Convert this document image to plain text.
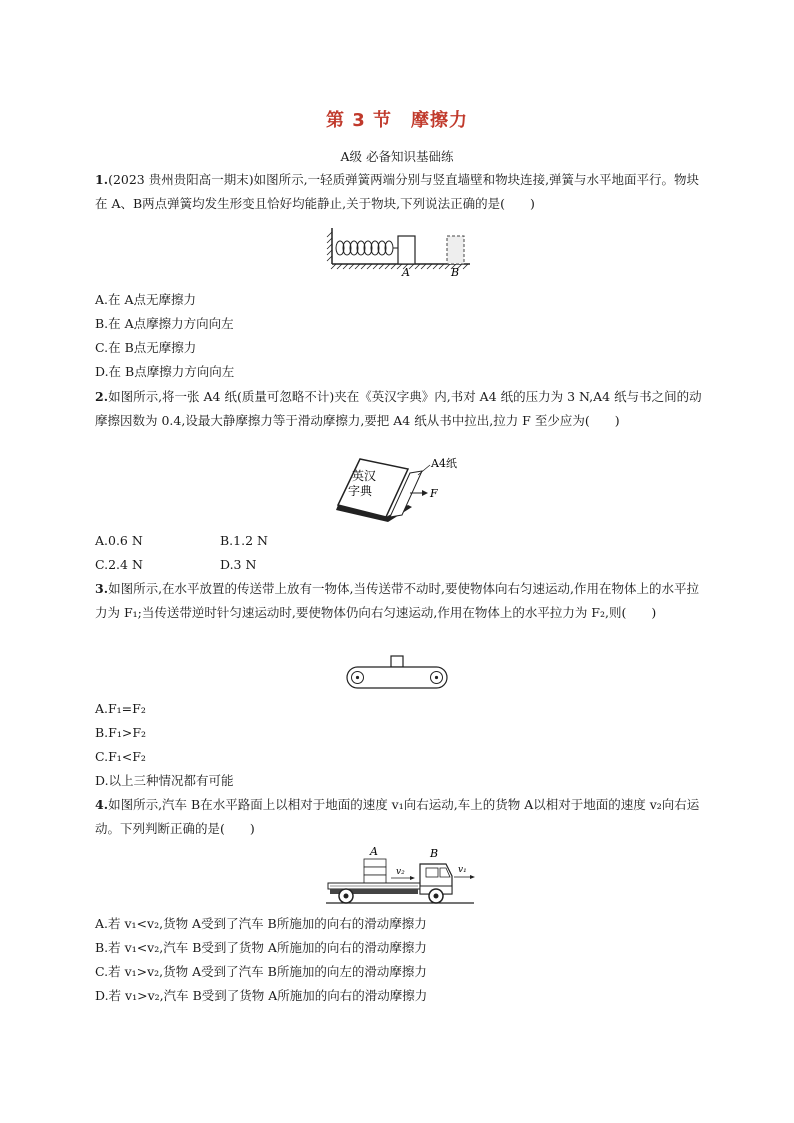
第 3 节　摩擦力
A级 必备知识基础练
1.(2023 贵州贵阳高一期末)如图所示,一轻质弹簧两端分别与竖直墙壁和物块连接,弹簧与水平地面平行。物块在 A、B两点弹簧均发生形变且恰好均能静止,关于物块,下列说法正确的是(　　)
A	B
A.在 A点无摩擦力
B.在 A点摩擦力方向向左
C.在 B点无摩擦力
D.在 B点摩擦力方向向左
2.如图所示,将一张 A4 纸(质量可忽略不计)夹在《英汉字典》内,书对 A4 纸的压力为 3 N,A4 纸与书之间的动摩擦因数为 0.4,设最大静摩擦力等于滑动摩擦力,要把 A4 纸从书中拉出,拉力 F 至少应为(　　)
英汉
字典
A4纸
F
A.0.6 N	B.1.2 N
C.2.4 N	D.3 N
3.如图所示,在水平放置的传送带上放有一物体,当传送带不动时,要使物体向右匀速运动,作用在物体上的水平拉力为 F₁;当传送带逆时针匀速运动时,要使物体仍向右匀速运动,作用在物体上的水平拉力为 F₂,则(　　)
A.F₁=F₂
B.F₁>F₂
C.F₁<F₂
D.以上三种情况都有可能
4.如图所示,汽车 B在水平路面上以相对于地面的速度 v₁向右运动,车上的货物 A以相对于地面的速度 v₂向右运动。下列判断正确的是(　　)
A	B
v₂	v₁
A.若 v₁<v₂,货物 A受到了汽车 B所施加的向右的滑动摩擦力
B.若 v₁<v₂,汽车 B受到了货物 A所施加的向右的滑动摩擦力
C.若 v₁>v₂,货物 A受到了汽车 B所施加的向左的滑动摩擦力
D.若 v₁>v₂,汽车 B受到了货物 A所施加的向右的滑动摩擦力
